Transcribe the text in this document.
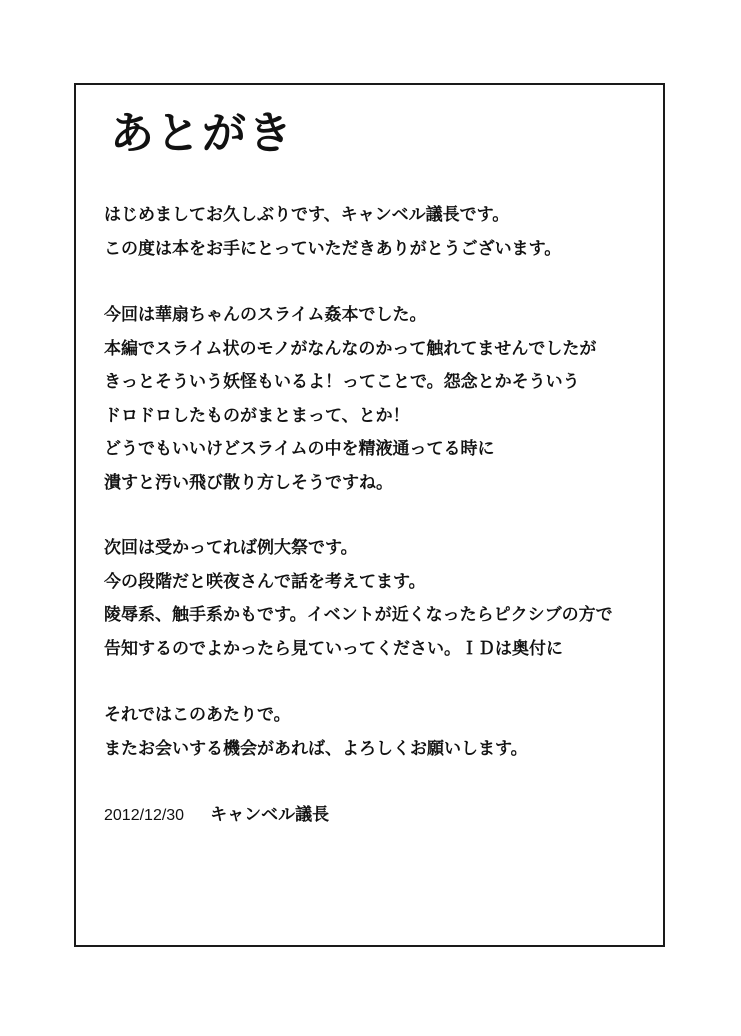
あとがき
はじめましてお久しぶりです、キャンベル議長です。
この度は本をお手にとっていただきありがとうございます。
今回は華扇ちゃんのスライム姦本でした。
本編でスライム状のモノがなんなのかって触れてませんでしたが
きっとそういう妖怪もいるよ！ってことで。怨念とかそういう
ドロドロしたものがまとまって、とか！
どうでもいいけどスライムの中を精液通ってる時に
潰すと汚い飛び散り方しそうですね。
次回は受かってれば例大祭です。
今の段階だと咲夜さんで話を考えてます。
陵辱系、触手系かもです。イベントが近くなったらピクシブの方で
告知するのでよかったら見ていってください。ＩＤは奥付に
それではこのあたりで。
またお会いする機会があれば、よろしくお願いします。

2012/12/30 キャンベル議長
